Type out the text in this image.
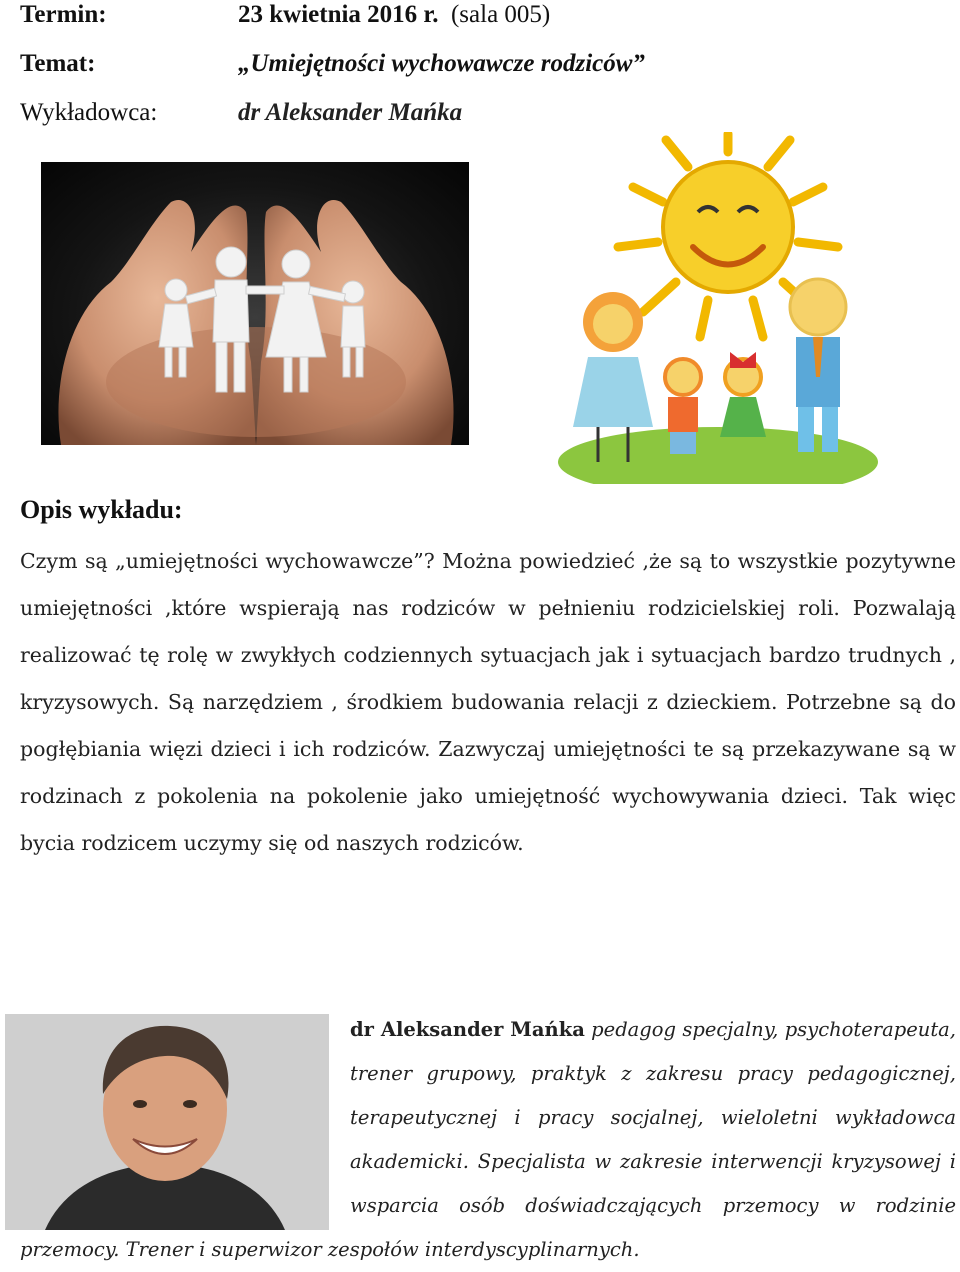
Termin:	23 kwietnia 2016 r. (sala 005)
Temat:	„Umiejętności wychowawcze rodziców”
Wykładowca:	dr Aleksander Mańka
Opis wykładu:
Czym są „umiejętności wychowawcze”? Można powiedzieć ,że są to wszystkie pozytywne umiejętności ,które wspierają nas rodziców w pełnieniu rodzicielskiej roli. Pozwalają realizować tę rolę w zwykłych codziennych sytuacjach jak i sytuacjach bardzo trudnych , kryzysowych. Są narzędziem , środkiem budowania relacji z dzieckiem. Potrzebne są do pogłębiania więzi dzieci i ich rodziców. Zazwyczaj umiejętności te są przekazywane są w rodzinach z pokolenia na pokolenie jako umiejętność wychowywania dzieci. Tak więc bycia rodzicem uczymy się od naszych rodziców.
dr Aleksander Mańka pedagog specjalny, psychoterapeuta, trener grupowy, praktyk z zakresu pracy pedagogicznej, terapeutycznej i pracy socjalnej, wieloletni wykładowca akademicki. Specjalista w zakresie interwencji kryzysowej i wsparcia osób doświadczających przemocy w rodzinie przemocy. Trener i superwizor zespołów interdyscyplinarnych.
